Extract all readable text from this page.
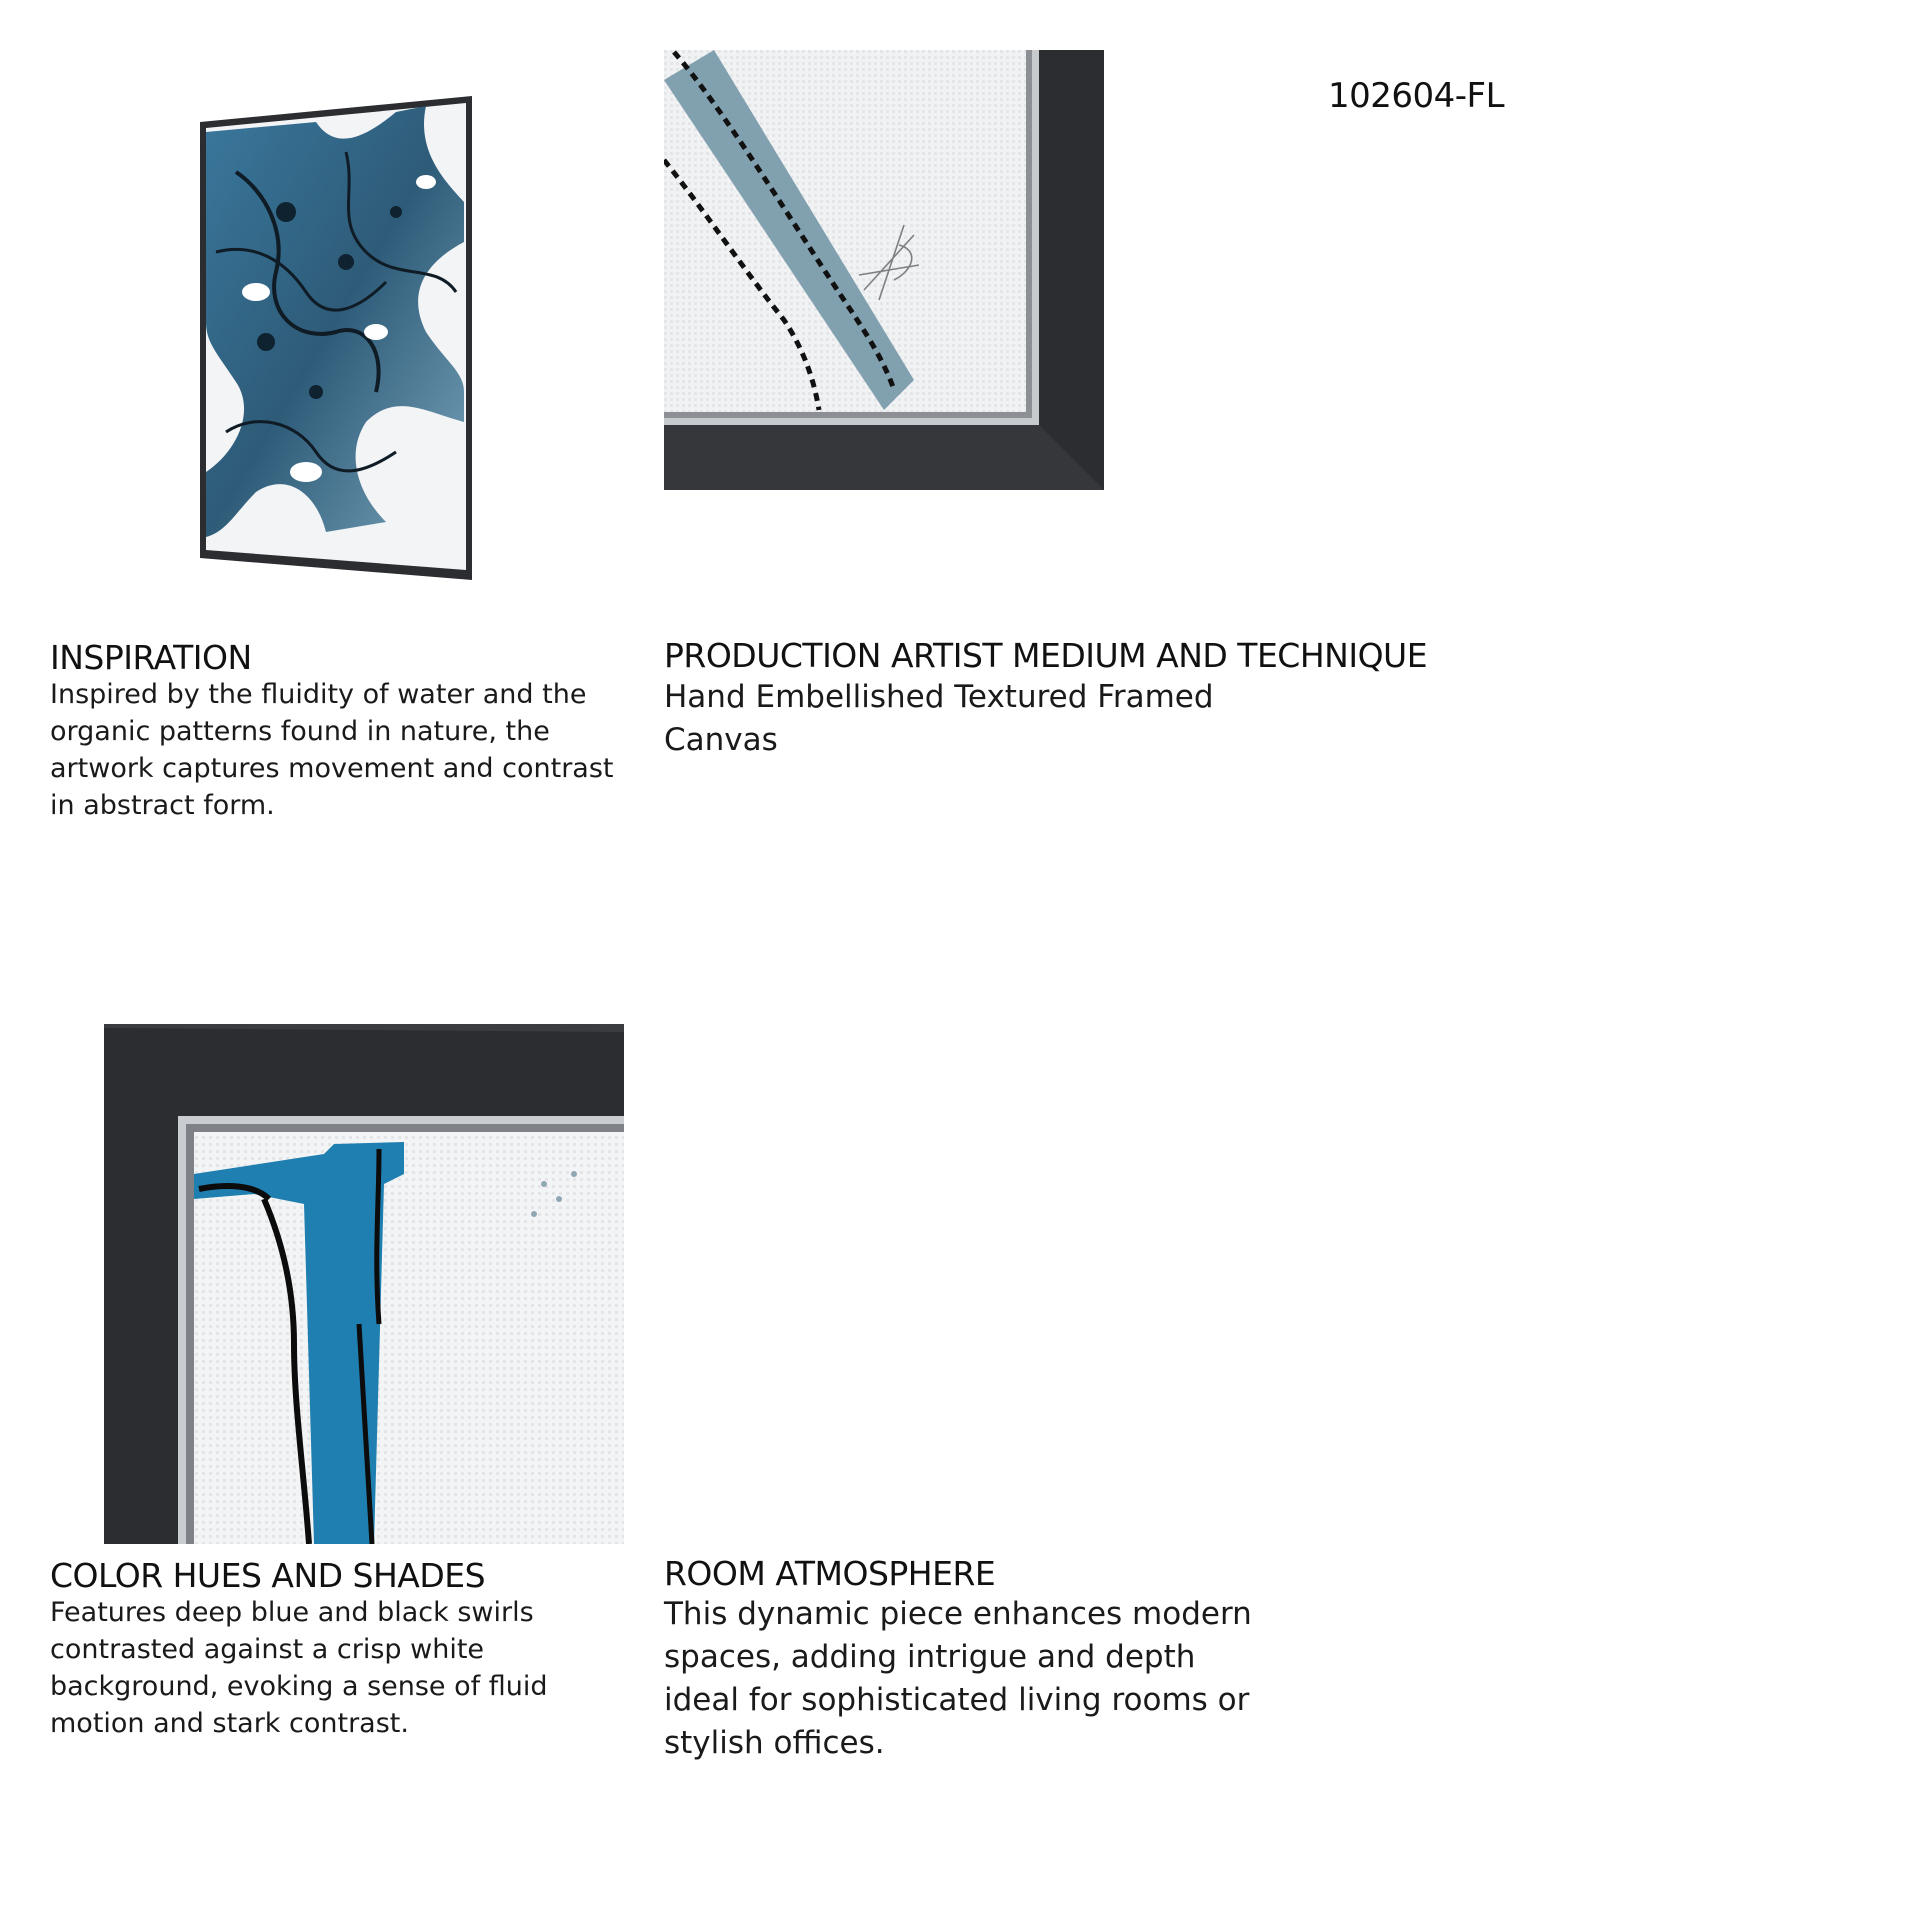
102604-FL
INSPIRATION
Inspired by the fluidity of water and the organic patterns found in nature, the artwork captures movement and contrast in abstract form.
PRODUCTION ARTIST MEDIUM AND TECHNIQUE
Hand Embellished Textured Framed Canvas
COLOR HUES AND SHADES
Features deep blue and black swirls contrasted against a crisp white background, evoking a sense of fluid motion and stark contrast.
ROOM ATMOSPHERE
This dynamic piece enhances modern spaces, adding intrigue and depth ideal for sophisticated living rooms or stylish offices.
